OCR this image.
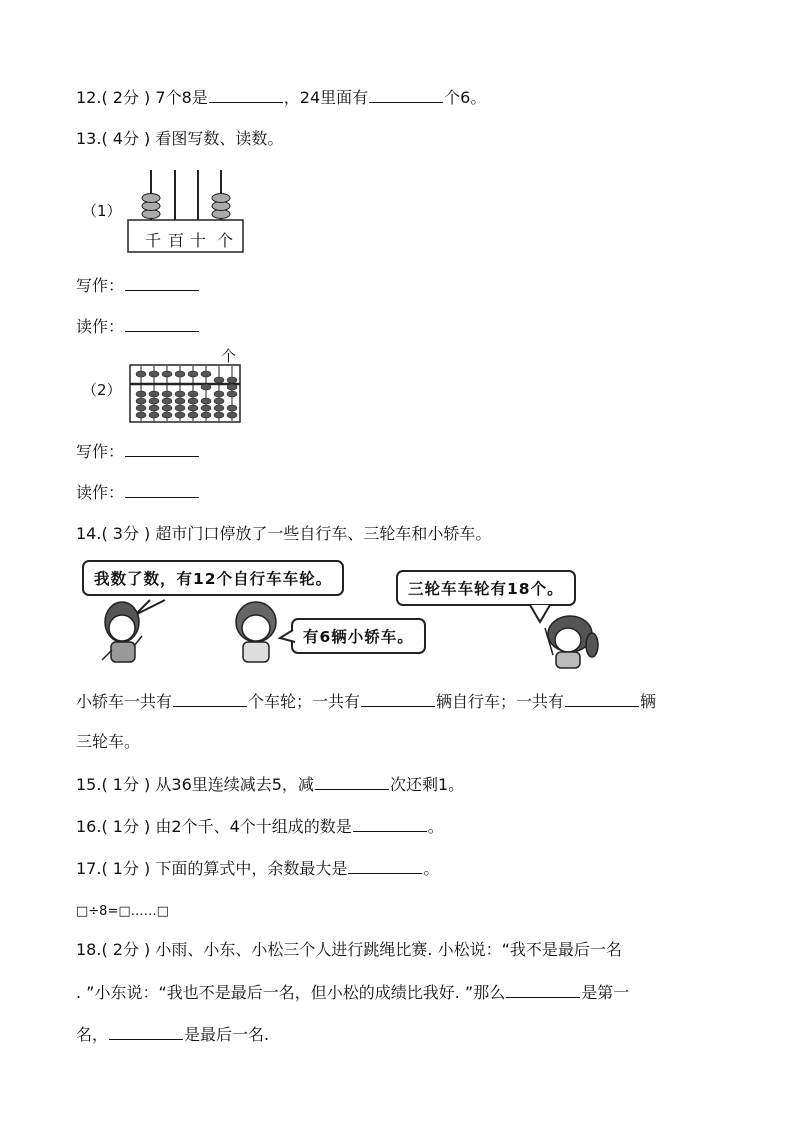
12.( 2分 ) 7个8是	，24里面有	个6。
13.( 4分 ) 看图写数、读数。
（1）
千 百 十 个
写作：
读作：
（2）
个
写作：
读作：
14.( 3分 ) 超市门口停放了一些自行车、三轮车和小轿车。
我数了数，有12个自行车车轮。
三轮车车轮有18个。
有6辆小轿车。
小轿车一共有	个车轮；一共有	辆自行车；一共有	辆
三轮车。
15.( 1分 ) 从36里连续减去5，减	次还剩1。
16.( 1分 ) 由2个千、4个十组成的数是	。
17.( 1分 ) 下面的算式中，余数最大是	。
□÷8=□……□
18.( 2分 ) 小雨、小东、小松三个人进行跳绳比赛. 小松说：“我不是最后一名
. ”小东说：“我也不是最后一名，但小松的成绩比我好. ”那么	是第一
名，	是最后一名.
